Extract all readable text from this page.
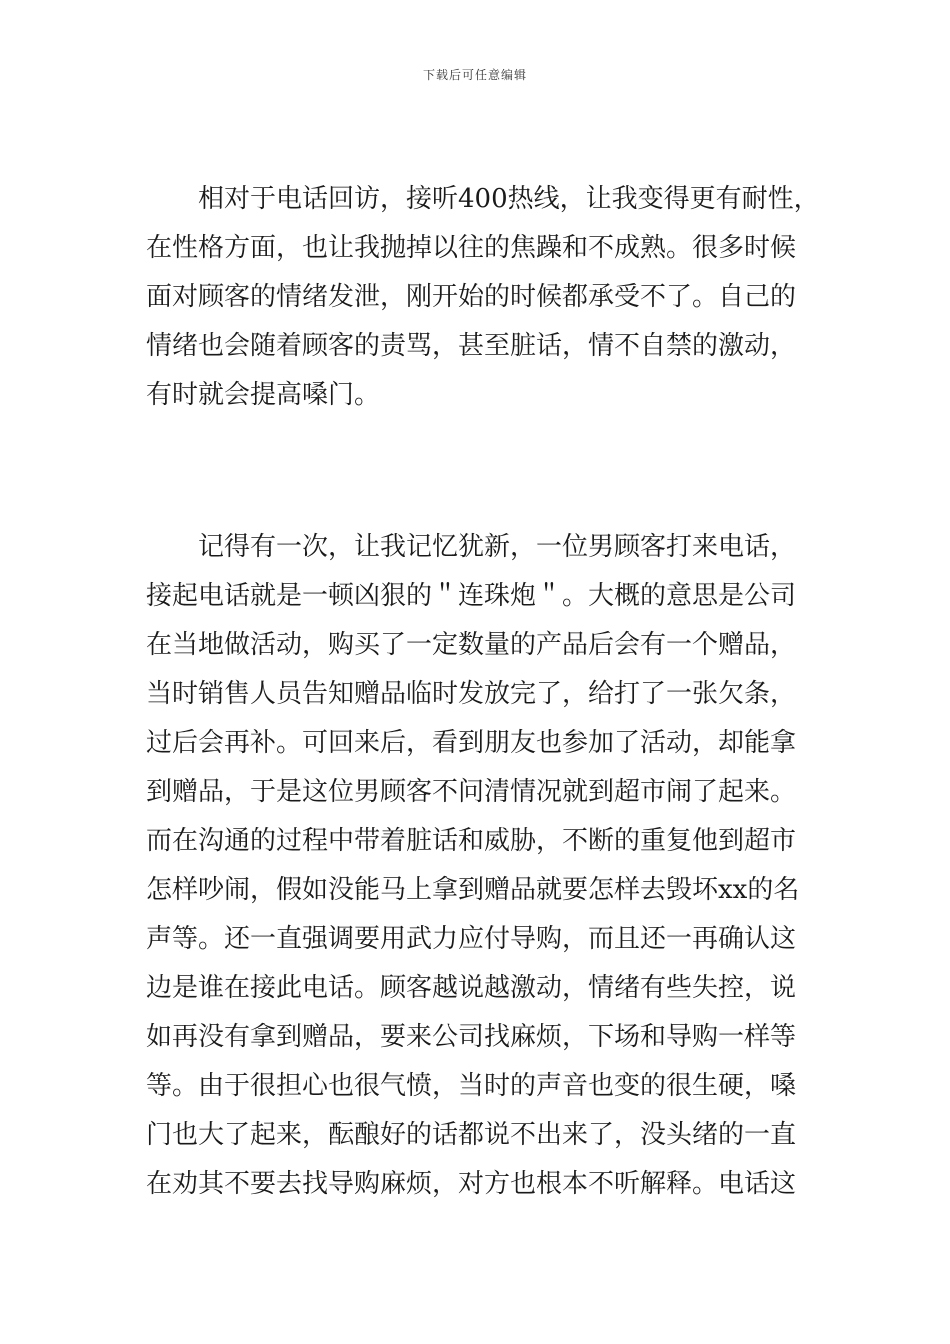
下载后可任意编辑
　　相对于电话回访，接听400热线，让我变得更有耐性，
在性格方面，也让我抛掉以往的焦躁和不成熟。很多时候
面对顾客的情绪发泄，刚开始的时候都承受不了。自己的
情绪也会随着顾客的责骂，甚至脏话，情不自禁的激动，
有时就会提高嗓门。
　　记得有一次，让我记忆犹新，一位男顾客打来电话，
接起电话就是一顿凶狠的＂连珠炮＂。大概的意思是公司
在当地做活动，购买了一定数量的产品后会有一个赠品，
当时销售人员告知赠品临时发放完了，给打了一张欠条，
过后会再补。可回来后，看到朋友也参加了活动，却能拿
到赠品，于是这位男顾客不问清情况就到超市闹了起来。
而在沟通的过程中带着脏话和威胁，不断的重复他到超市
怎样吵闹，假如没能马上拿到赠品就要怎样去毁坏xx的名
声等。还一直强调要用武力应付导购，而且还一再确认这
边是谁在接此电话。顾客越说越激动，情绪有些失控，说
如再没有拿到赠品，要来公司找麻烦，下场和导购一样等
等。由于很担心也很气愤，当时的声音也变的很生硬，嗓
门也大了起来，酝酿好的话都说不出来了，没头绪的一直
在劝其不要去找导购麻烦，对方也根本不听解释。电话这
